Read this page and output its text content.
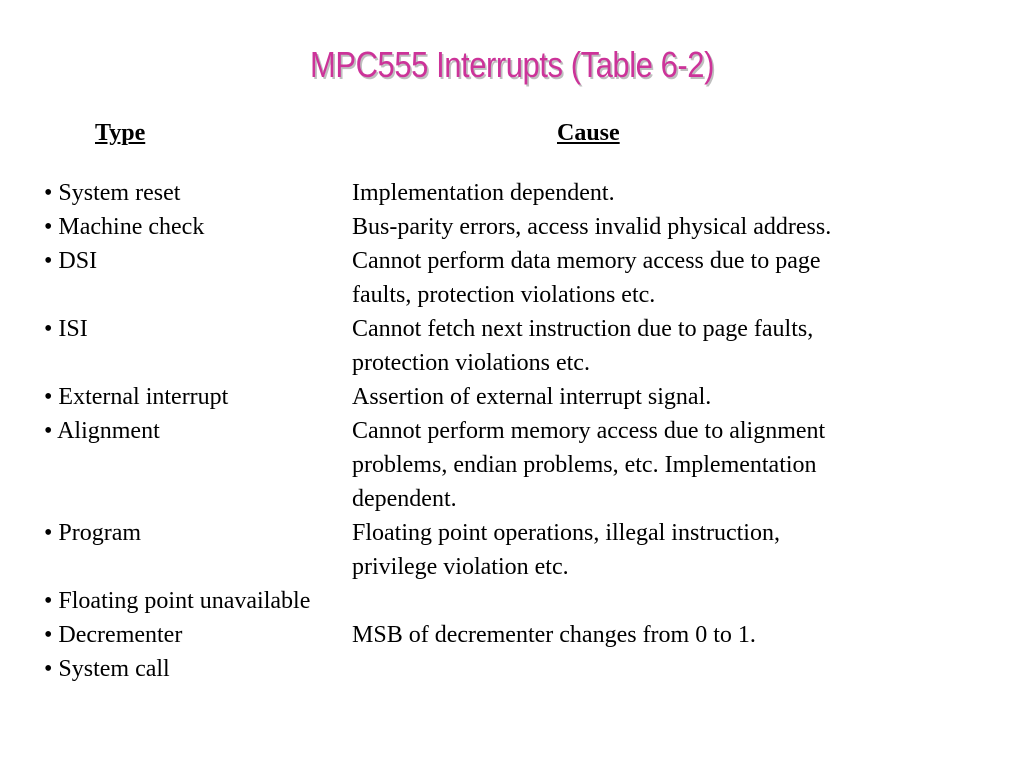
MPC555 Interrupts (Table 6-2)
Type	Cause
• System reset	Implementation dependent.
• Machine check	Bus-parity errors, access invalid physical address.
• DSI	Cannot perform data memory access due to page
faults, protection violations etc.
• ISI	Cannot fetch next instruction due to page faults,
protection violations etc.
• External interrupt	Assertion of external interrupt signal.
• Alignment	Cannot perform memory access due to alignment
problems, endian problems, etc. Implementation
dependent.
• Program	Floating point operations, illegal instruction,
privilege violation etc.
• Floating point unavailable
• Decrementer	MSB of decrementer changes from 0 to 1.
• System call
